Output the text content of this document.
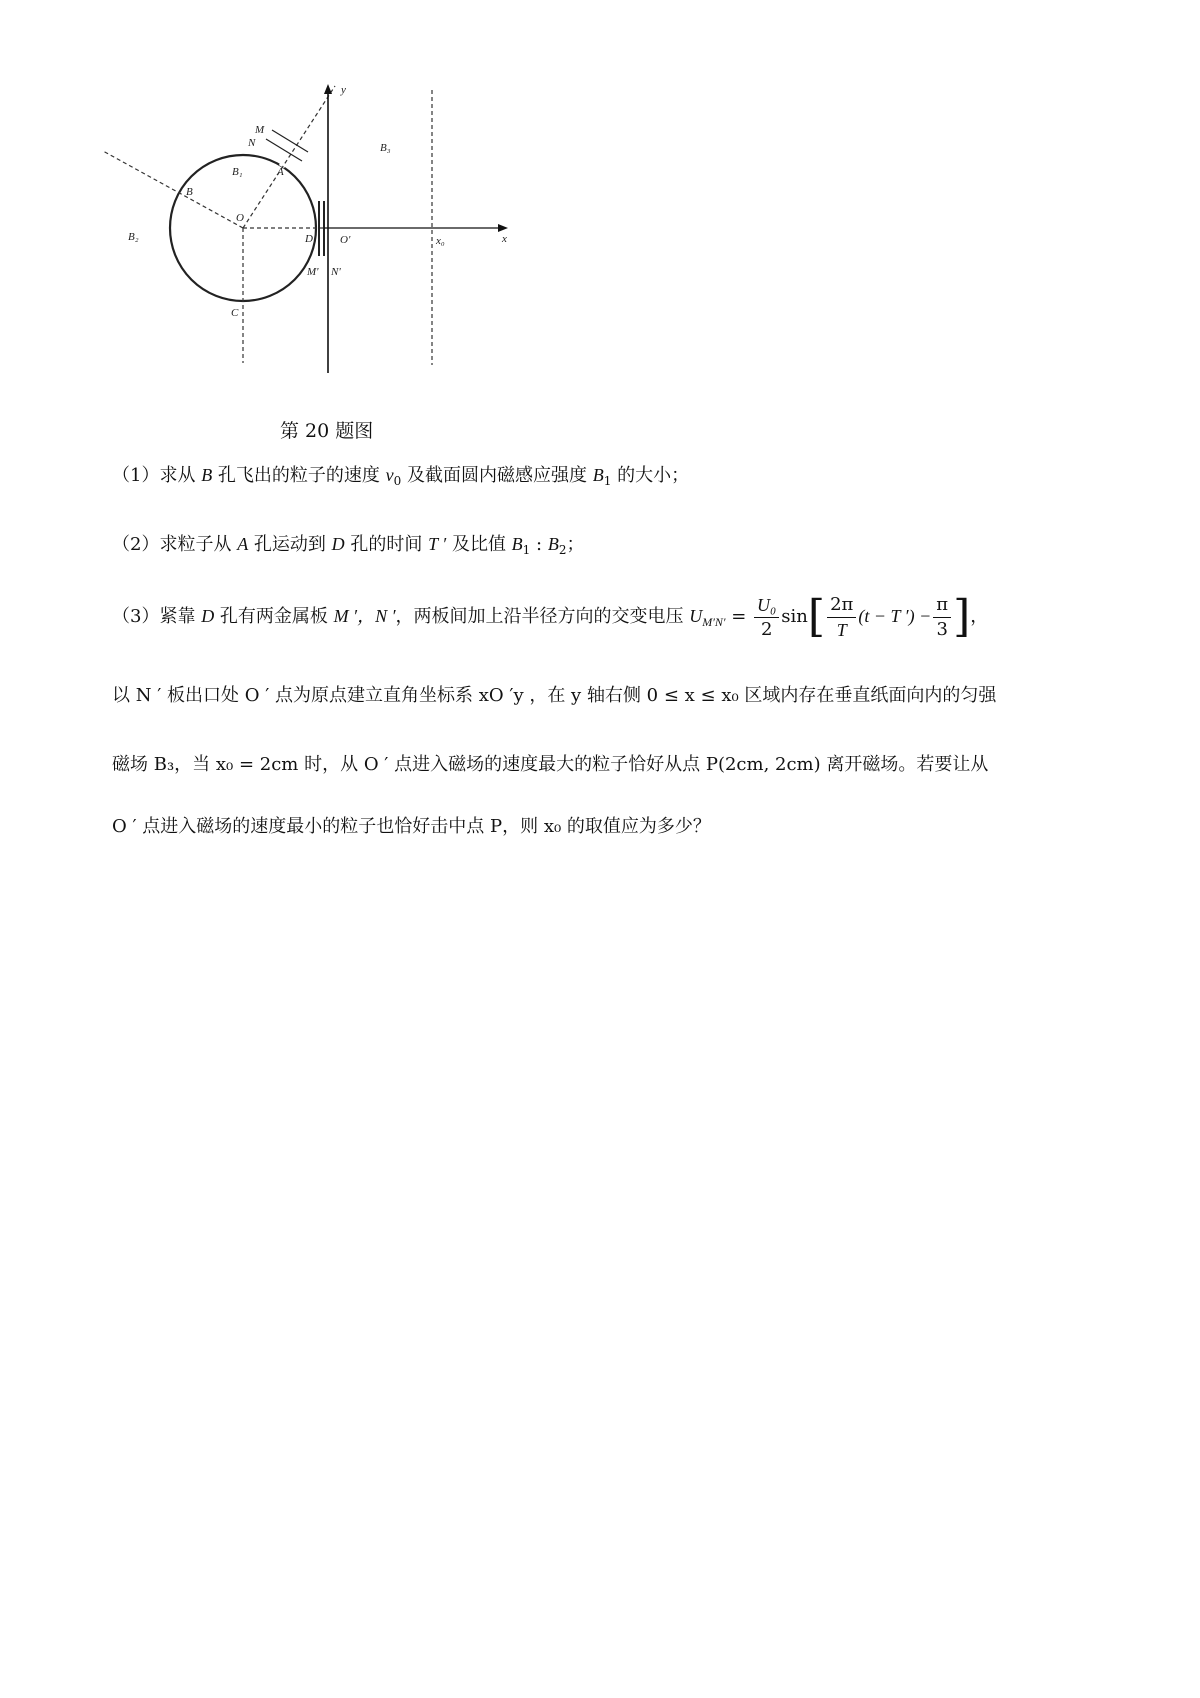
y
x
M
N
A
B
C
D
O
O'
M' N'
B₁
B₂
B₃
x₀
第 20 题图
（1）求从 B 孔飞出的粒子的速度 $v_0$ 及截面圆内磁感应强度 $B_1$ 的大小；
（2）求粒子从 A 孔运动到 D 孔的时间 T ′ 及比值 $B_1$ : $B_2$；
（3）紧靠 D 孔有两金属板 M ′，N ′，两板间加上沿半径方向的交变电压 $U_{M'N'} = \frac{\text{U₀}}{2} \sin[ \frac{2\pi}{T} (t - T$ ′) − $\frac{\pi}{3}$ ]，
以 N ′ 板出口处 O ′ 点为原点建立直角坐标系 xO ′y ，在 y 轴右侧 0 ≤ x ≤ x₀ 区域内存在垂直纸面向内的匀强
磁场 B₃，当 x₀ = 2cm 时，从 O ′ 点进入磁场的速度最大的粒子恰好从点 P(2cm, 2cm) 离开磁场。若要让从
O ′ 点进入磁场的速度最小的粒子也恰好击中点 P，则 x₀ 的取值应为多少？
